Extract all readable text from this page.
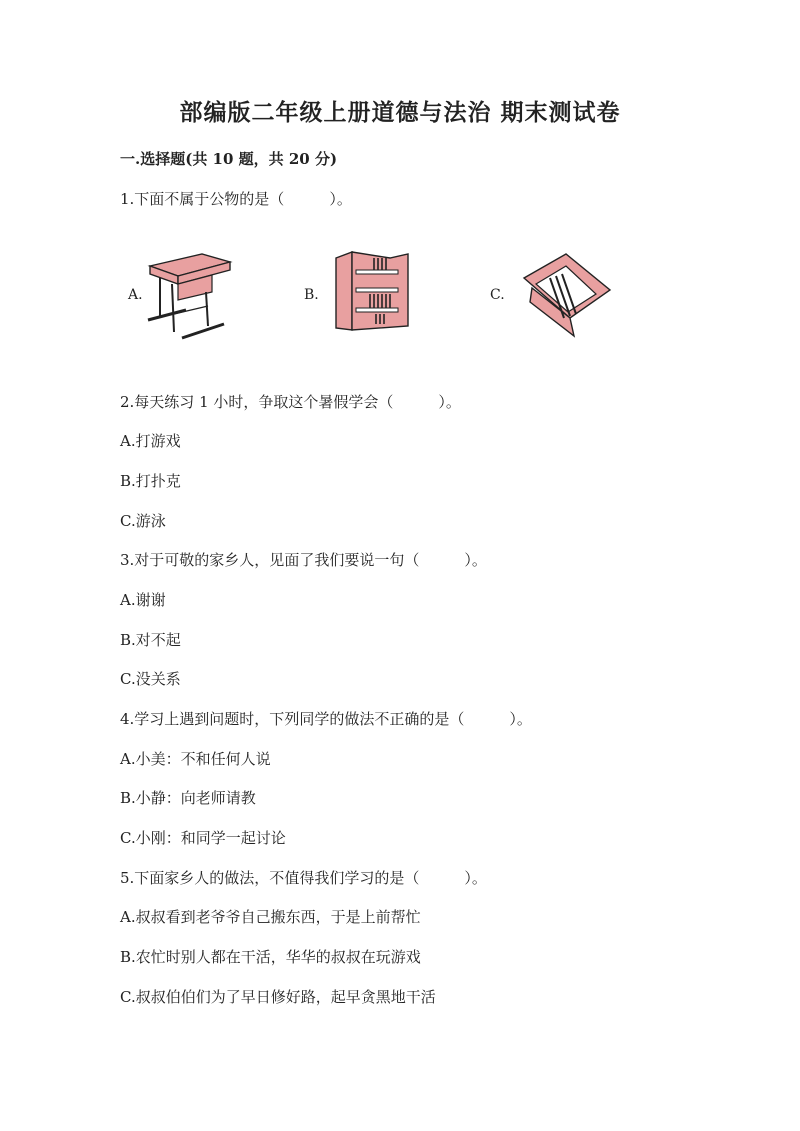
部编版二年级上册道德与法治 期末测试卷
一.选择题(共 10 题，共 20 分)
1.下面不属于公物的是（　　　）。
A.	B.	C.
2.每天练习 1 小时，争取这个暑假学会（　　　）。
A.打游戏
B.打扑克
C.游泳
3.对于可敬的家乡人，见面了我们要说一句（　　　）。
A.谢谢
B.对不起
C.没关系
4.学习上遇到问题时，下列同学的做法不正确的是（　　　）。
A.小美：不和任何人说
B.小静：向老师请教
C.小刚：和同学一起讨论
5.下面家乡人的做法，不值得我们学习的是（　　　）。
A.叔叔看到老爷爷自己搬东西，于是上前帮忙
B.农忙时别人都在干活，华华的叔叔在玩游戏
C.叔叔伯伯们为了早日修好路，起早贪黑地干活
